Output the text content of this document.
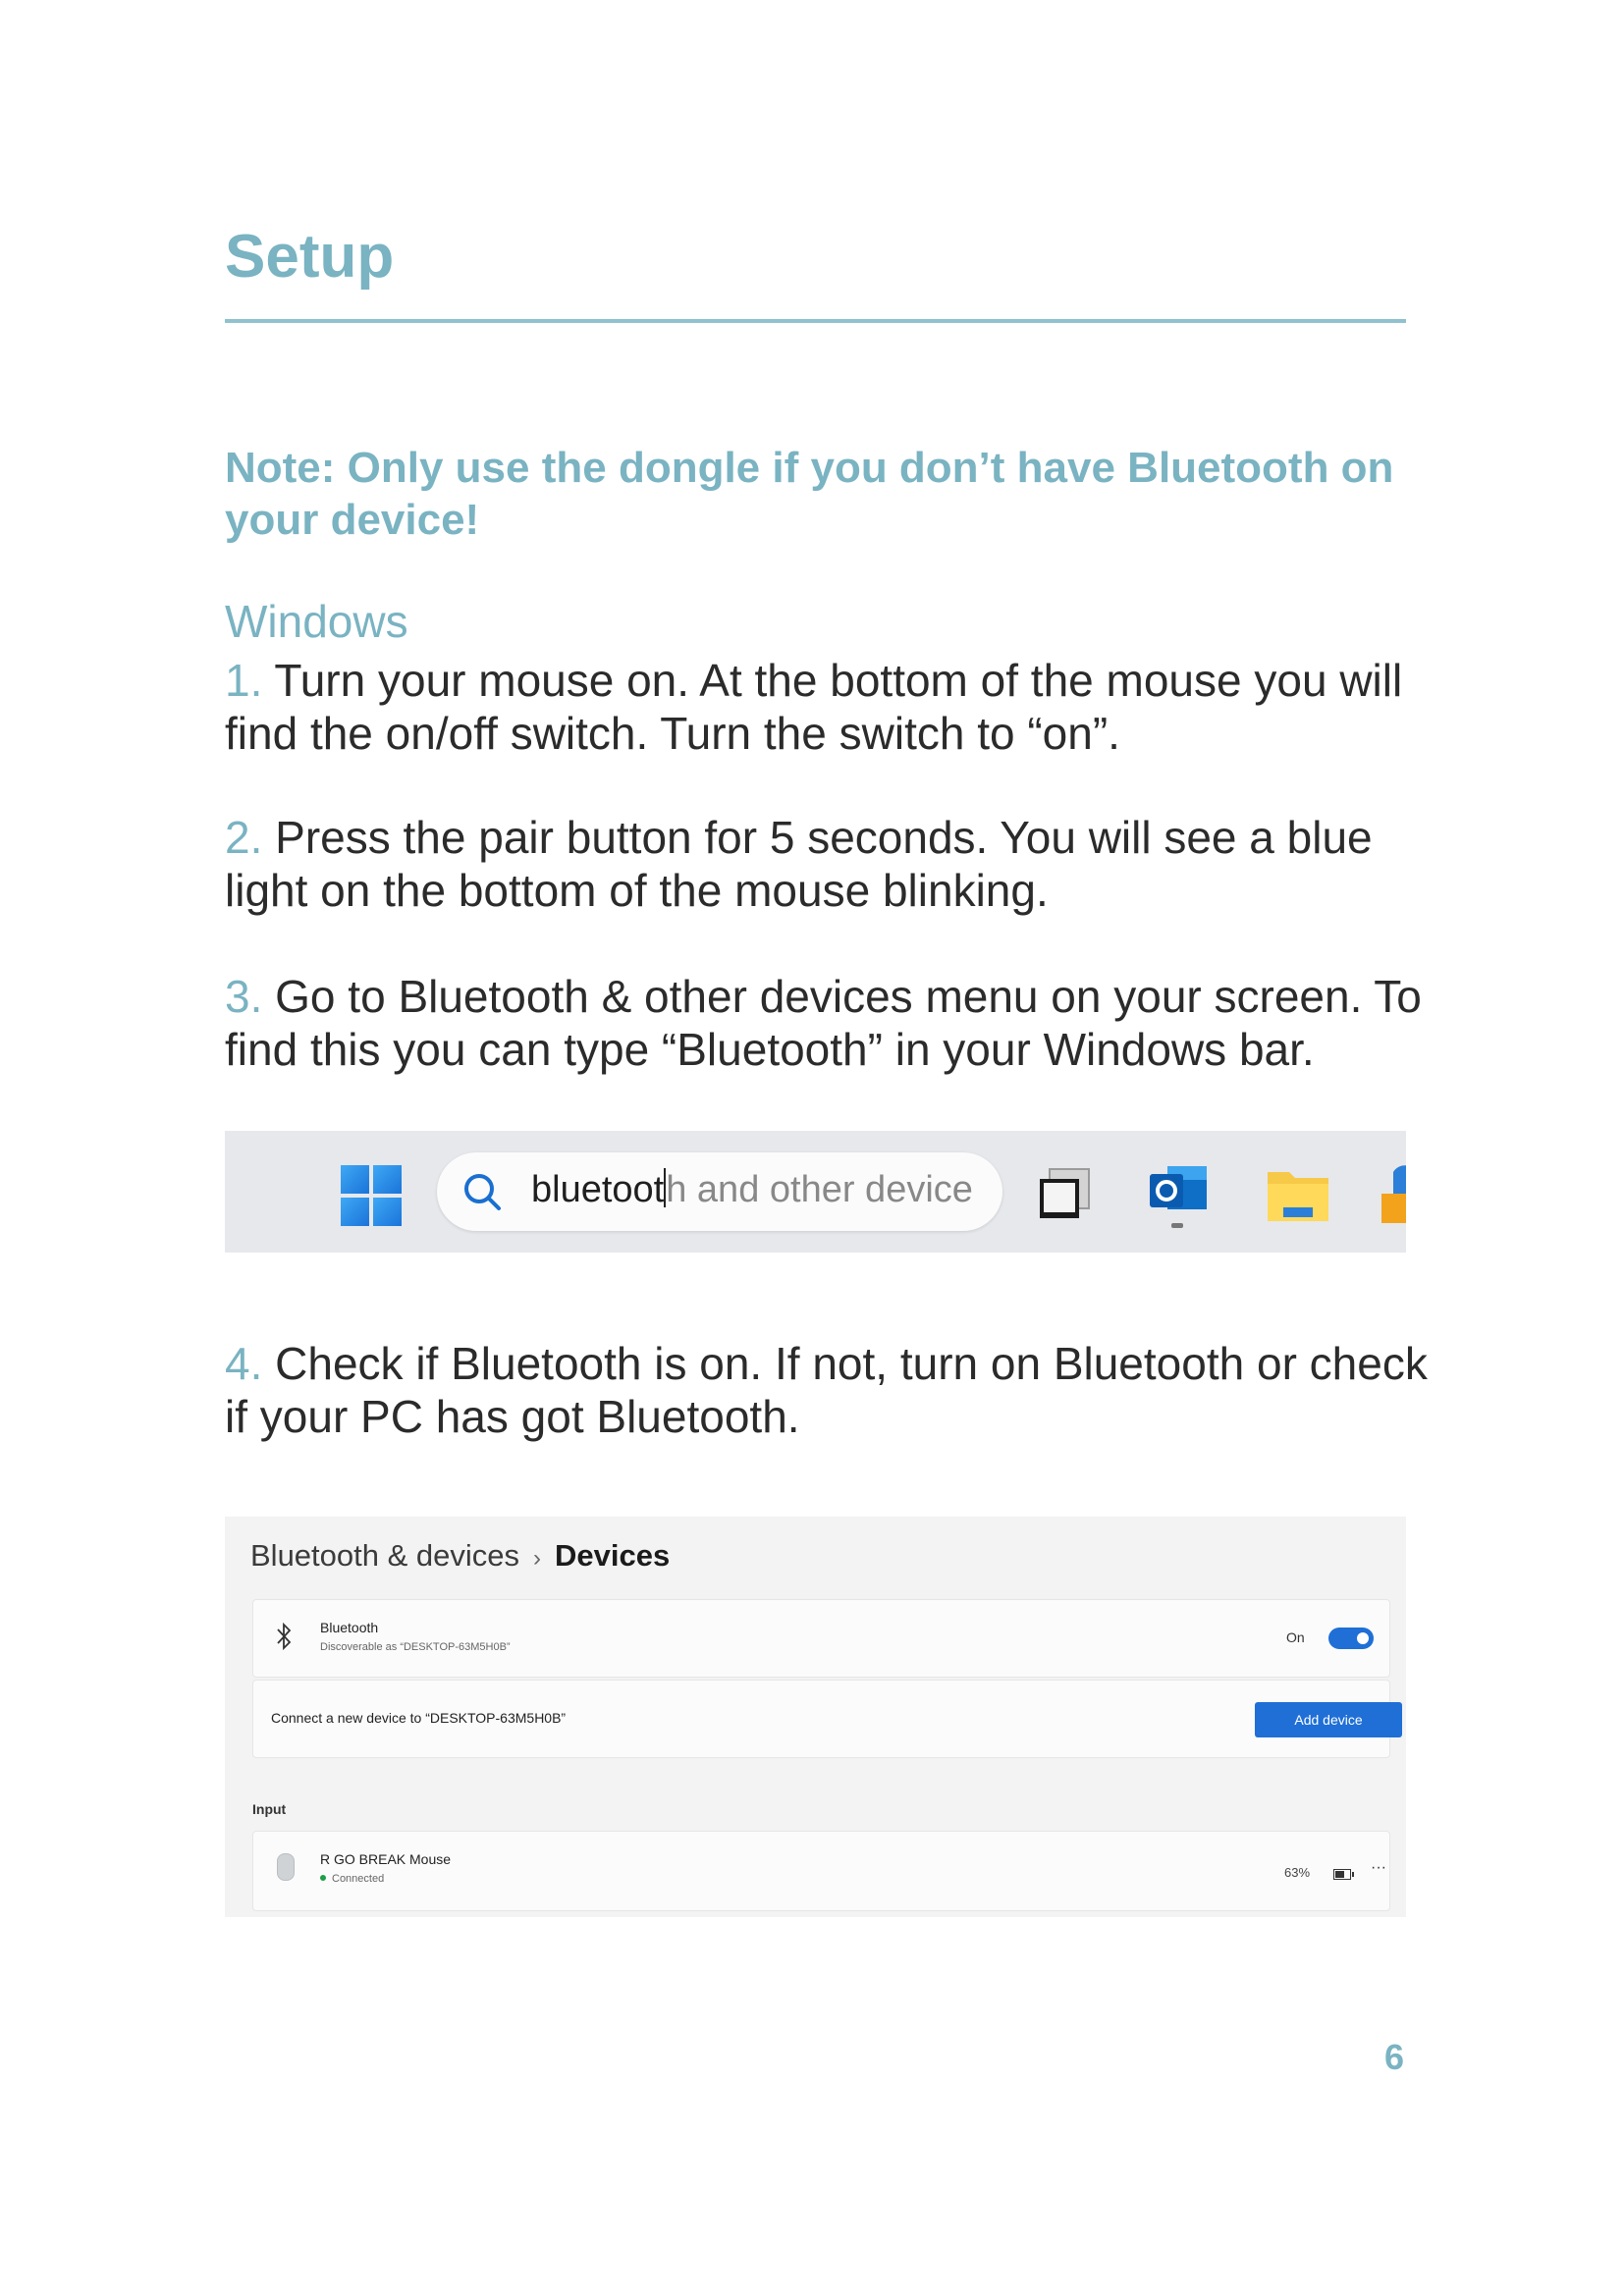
Setup
Note: Only use the dongle if you don’t have Bluetooth on your device!
Windows
1. Turn your mouse on. At the bottom of the mouse you will find the on/off switch. Turn the switch to “on”.
2. Press the pair button for 5 seconds. You will see a blue light on the bottom of the mouse blinking.
3. Go to Bluetooth & other devices menu on your screen. To find this you can type “Bluetooth” in your Windows bar.
bluetooth and other device
4. Check if Bluetooth is on. If not, turn on Bluetooth or check if your PC has got Bluetooth.
Bluetooth & devices › Devices
Bluetooth
Discoverable as “DESKTOP-63M5H0B”
On
Connect a new device to “DESKTOP-63M5H0B”	Add device
Input
R GO BREAK Mouse
Connected	63%	···
6
